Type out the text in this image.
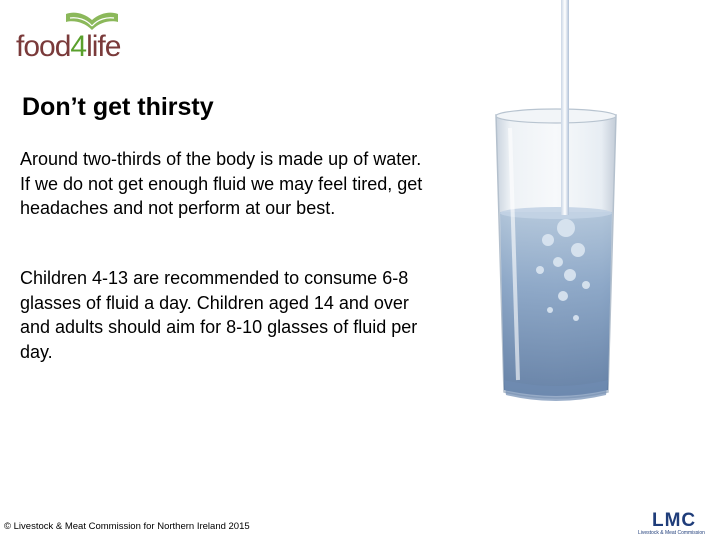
food4life
Don’t get thirsty

Around two-thirds of the body is made up of water. If we do not get enough fluid we may feel tired, get headaches and not perform at our best.

Children 4-13 are recommended to consume 6-8 glasses of fluid a day. Children aged 14 and over and adults should aim for 8-10 glasses of fluid per day.

© Livestock & Meat Commission for Northern Ireland 2015	LMC
Livestock & Meat Commission
